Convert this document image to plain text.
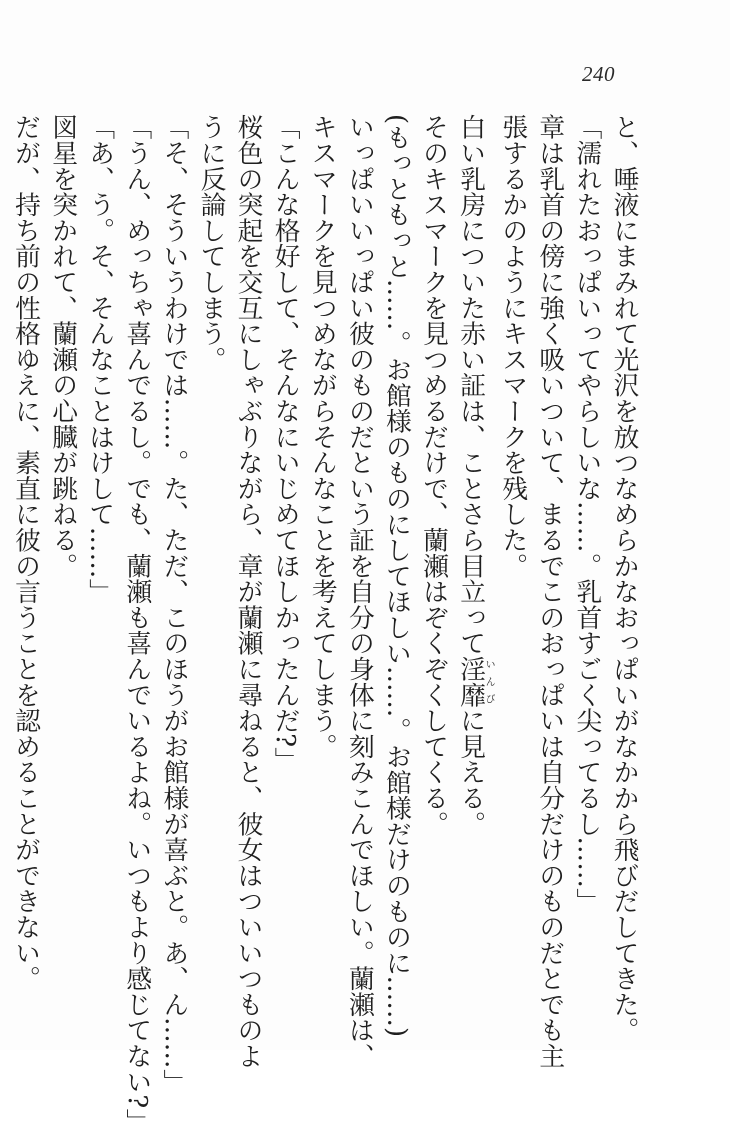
240
と、唾液にまみれて光沢を放つなめらかなおっぱいがなかから飛びだしてきた。
「濡れたおっぱいってやらしいな……。乳首すごく尖ってるし……」
章は乳首の傍に強く吸いついて、まるでこのおっぱいは自分だけのものだとでも主
張するかのようにキスマークを残した。
白い乳房についた赤い証は、ことさら目立って淫靡いんびに見える。
そのキスマークを見つめるだけで、蘭瀬はぞくぞくしてくる。
(もっともっと……。お館様のものにしてほしい……。お館様だけのものに……)
いっぱいいっぱい彼のものだという証を自分の身体に刻みこんでほしい。蘭瀬は、
キスマークを見つめながらそんなことを考えてしまう。
「こんな格好して、そんなにいじめてほしかったんだ?」
桜色の突起を交互にしゃぶりながら、章が蘭瀬に尋ねると、彼女はついいつものよ
うに反論してしまう。
「そ、そういうわけでは……。た、ただ、このほうがお館様が喜ぶと。あ、ん……」
「うん、めっちゃ喜んでるし。でも、蘭瀬も喜んでいるよね。いつもより感じてない?」
「あ、う。そ、そんなことはけして……」
図星を突かれて、蘭瀬の心臓が跳ねる。
だが、持ち前の性格ゆえに、素直に彼の言うことを認めることができない。
